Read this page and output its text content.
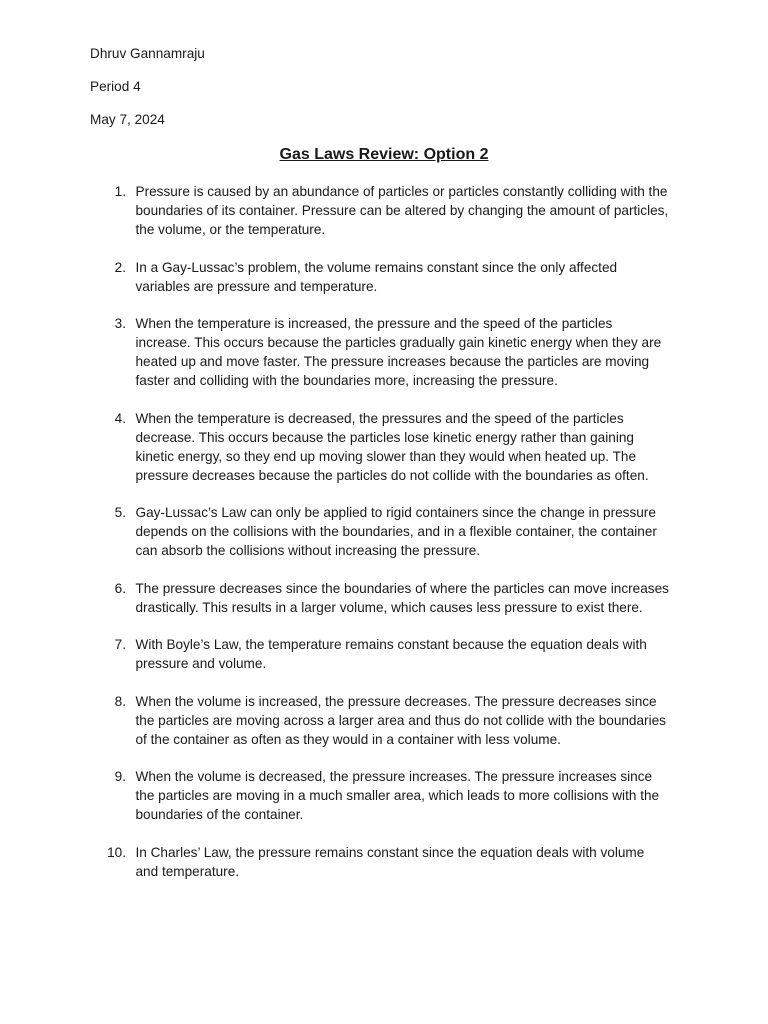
Dhruv Gannamraju
Period 4
May 7, 2024
Gas Laws Review: Option 2
1. Pressure is caused by an abundance of particles or particles constantly colliding with the
boundaries of its container. Pressure can be altered by changing the amount of particles,
the volume, or the temperature.
2. In a Gay-Lussac’s problem, the volume remains constant since the only affected
variables are pressure and temperature.
3. When the temperature is increased, the pressure and the speed of the particles
increase. This occurs because the particles gradually gain kinetic energy when they are
heated up and move faster. The pressure increases because the particles are moving
faster and colliding with the boundaries more, increasing the pressure.
4. When the temperature is decreased, the pressures and the speed of the particles
decrease. This occurs because the particles lose kinetic energy rather than gaining
kinetic energy, so they end up moving slower than they would when heated up. The
pressure decreases because the particles do not collide with the boundaries as often.
5. Gay-Lussac’s Law can only be applied to rigid containers since the change in pressure
depends on the collisions with the boundaries, and in a flexible container, the container
can absorb the collisions without increasing the pressure.
6. The pressure decreases since the boundaries of where the particles can move increases
drastically. This results in a larger volume, which causes less pressure to exist there.
7. With Boyle’s Law, the temperature remains constant because the equation deals with
pressure and volume.
8. When the volume is increased, the pressure decreases. The pressure decreases since
the particles are moving across a larger area and thus do not collide with the boundaries
of the container as often as they would in a container with less volume.
9. When the volume is decreased, the pressure increases. The pressure increases since
the particles are moving in a much smaller area, which leads to more collisions with the
boundaries of the container.
10. In Charles’ Law, the pressure remains constant since the equation deals with volume
and temperature.
